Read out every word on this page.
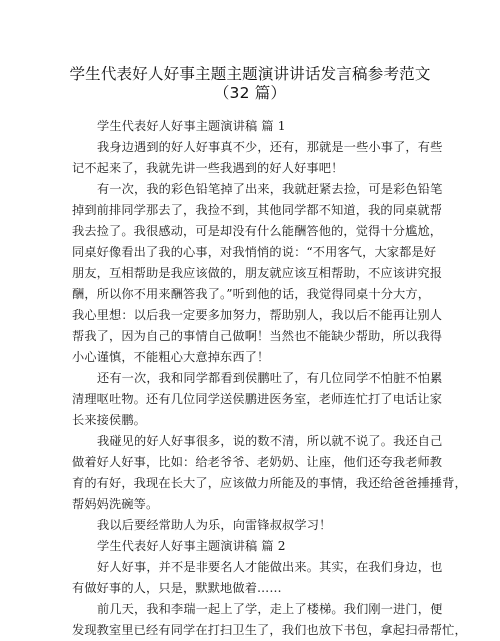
学生代表好人好事主题主题演讲讲话发言稿参考范文
（32 篇）
学生代表好人好事主题演讲稿 篇 1
我身边遇到的好人好事真不少，还有，那就是一些小事了，有些
记不起来了，我就先讲一些我遇到的好人好事吧！
有一次，我的彩色铅笔掉了出来，我就赶紧去捡，可是彩色铅笔
掉到前排同学那去了，我捡不到，其他同学都不知道，我的同桌就帮
我去捡了。我很感动，可是却没有什么能酬答他的，觉得十分尴尬，
同桌好像看出了我的心事，对我悄悄的说：“不用客气，大家都是好
朋友，互相帮助是我应该做的，朋友就应该互相帮助，不应该讲究报
酬，所以你不用来酬答我了。”听到他的话，我觉得同桌十分大方，
我心里想：以后我一定要多加努力，帮助别人，我以后不能再让别人
帮我了，因为自己的事情自己做啊！当然也不能缺少帮助，所以我得
小心谨慎，不能粗心大意掉东西了！
还有一次，我和同学都看到侯鹏吐了，有几位同学不怕脏不怕累
清理呕吐物。还有几位同学送侯鹏进医务室，老师连忙打了电话让家
长来接侯鹏。
我碰见的好人好事很多，说的数不清，所以就不说了。我还自己
做着好人好事，比如：给老爷爷、老奶奶、让座，他们还夸我老师教
育的有好，我现在长大了，应该做力所能及的事情，我还给爸爸捶捶背，
帮妈妈洗碗等。
我以后要经常助人为乐，向雷锋叔叔学习！
学生代表好人好事主题演讲稿 篇 2
好人好事，并不是非要名人才能做出来。其实，在我们身边，也
有做好事的人，只是，默默地做着……
前几天，我和李瑞一起上了学，走上了楼梯。我们刚一进门，便
发现教室里已经有同学在打扫卫生了，我们也放下书包，拿起扫帚帮忙，
